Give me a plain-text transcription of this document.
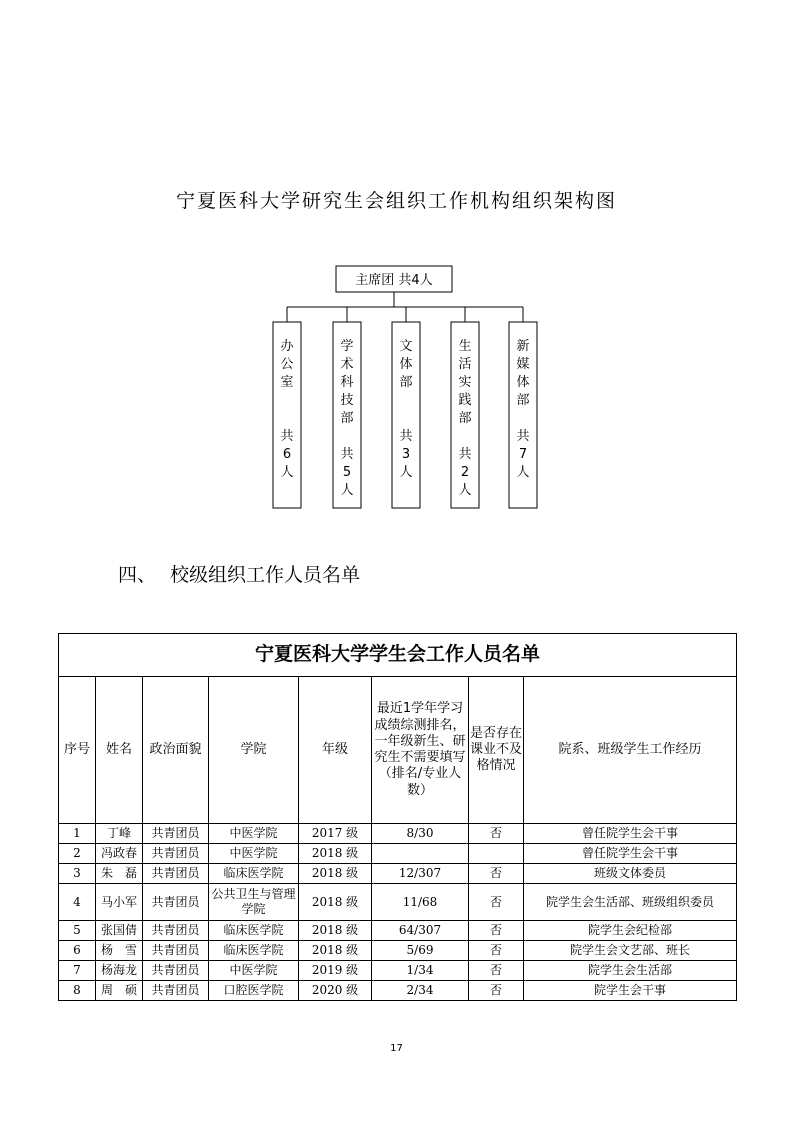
宁夏医科大学研究生会组织工作机构组织架构图
主席团 共4人
办
公
室
共
6
人
学
术
科
技
部
共
5
人
文
体
部
共
3
人
生
活
实
践
部
共
2
人
新
媒
体
部
共
7
人
四、 校级组织工作人员名单
宁夏医科大学学生会工作人员名单							
序号	姓名	政治面貌	学院	年级	最近1学年学习成绩综测排名，一年级新生、研究生不需要填写（排名/专业人数）	是否存在课业不及格情况	院系、班级学生工作经历
1	丁峰	共青团员	中医学院	2017 级	8/30	否	曾任院学生会干事
2	冯政春	共青团员	中医学院	2018 级			曾任院学生会干事
3	朱　磊	共青团员	临床医学院	2018 级	12/307	否	班级文体委员
4	马小军	共青团员	公共卫生与管理学院	2018 级	11/68	否	院学生会生活部、班级组织委员
5	张国倩	共青团员	临床医学院	2018 级	64/307	否	院学生会纪检部
6	杨　雪	共青团员	临床医学院	2018 级	5/69	否	院学生会文艺部、班长
7	杨海龙	共青团员	中医学院	2019 级	1/34	否	院学生会生活部
8	周　硕	共青团员	口腔医学院	2020 级	2/34	否	院学生会干事
17
